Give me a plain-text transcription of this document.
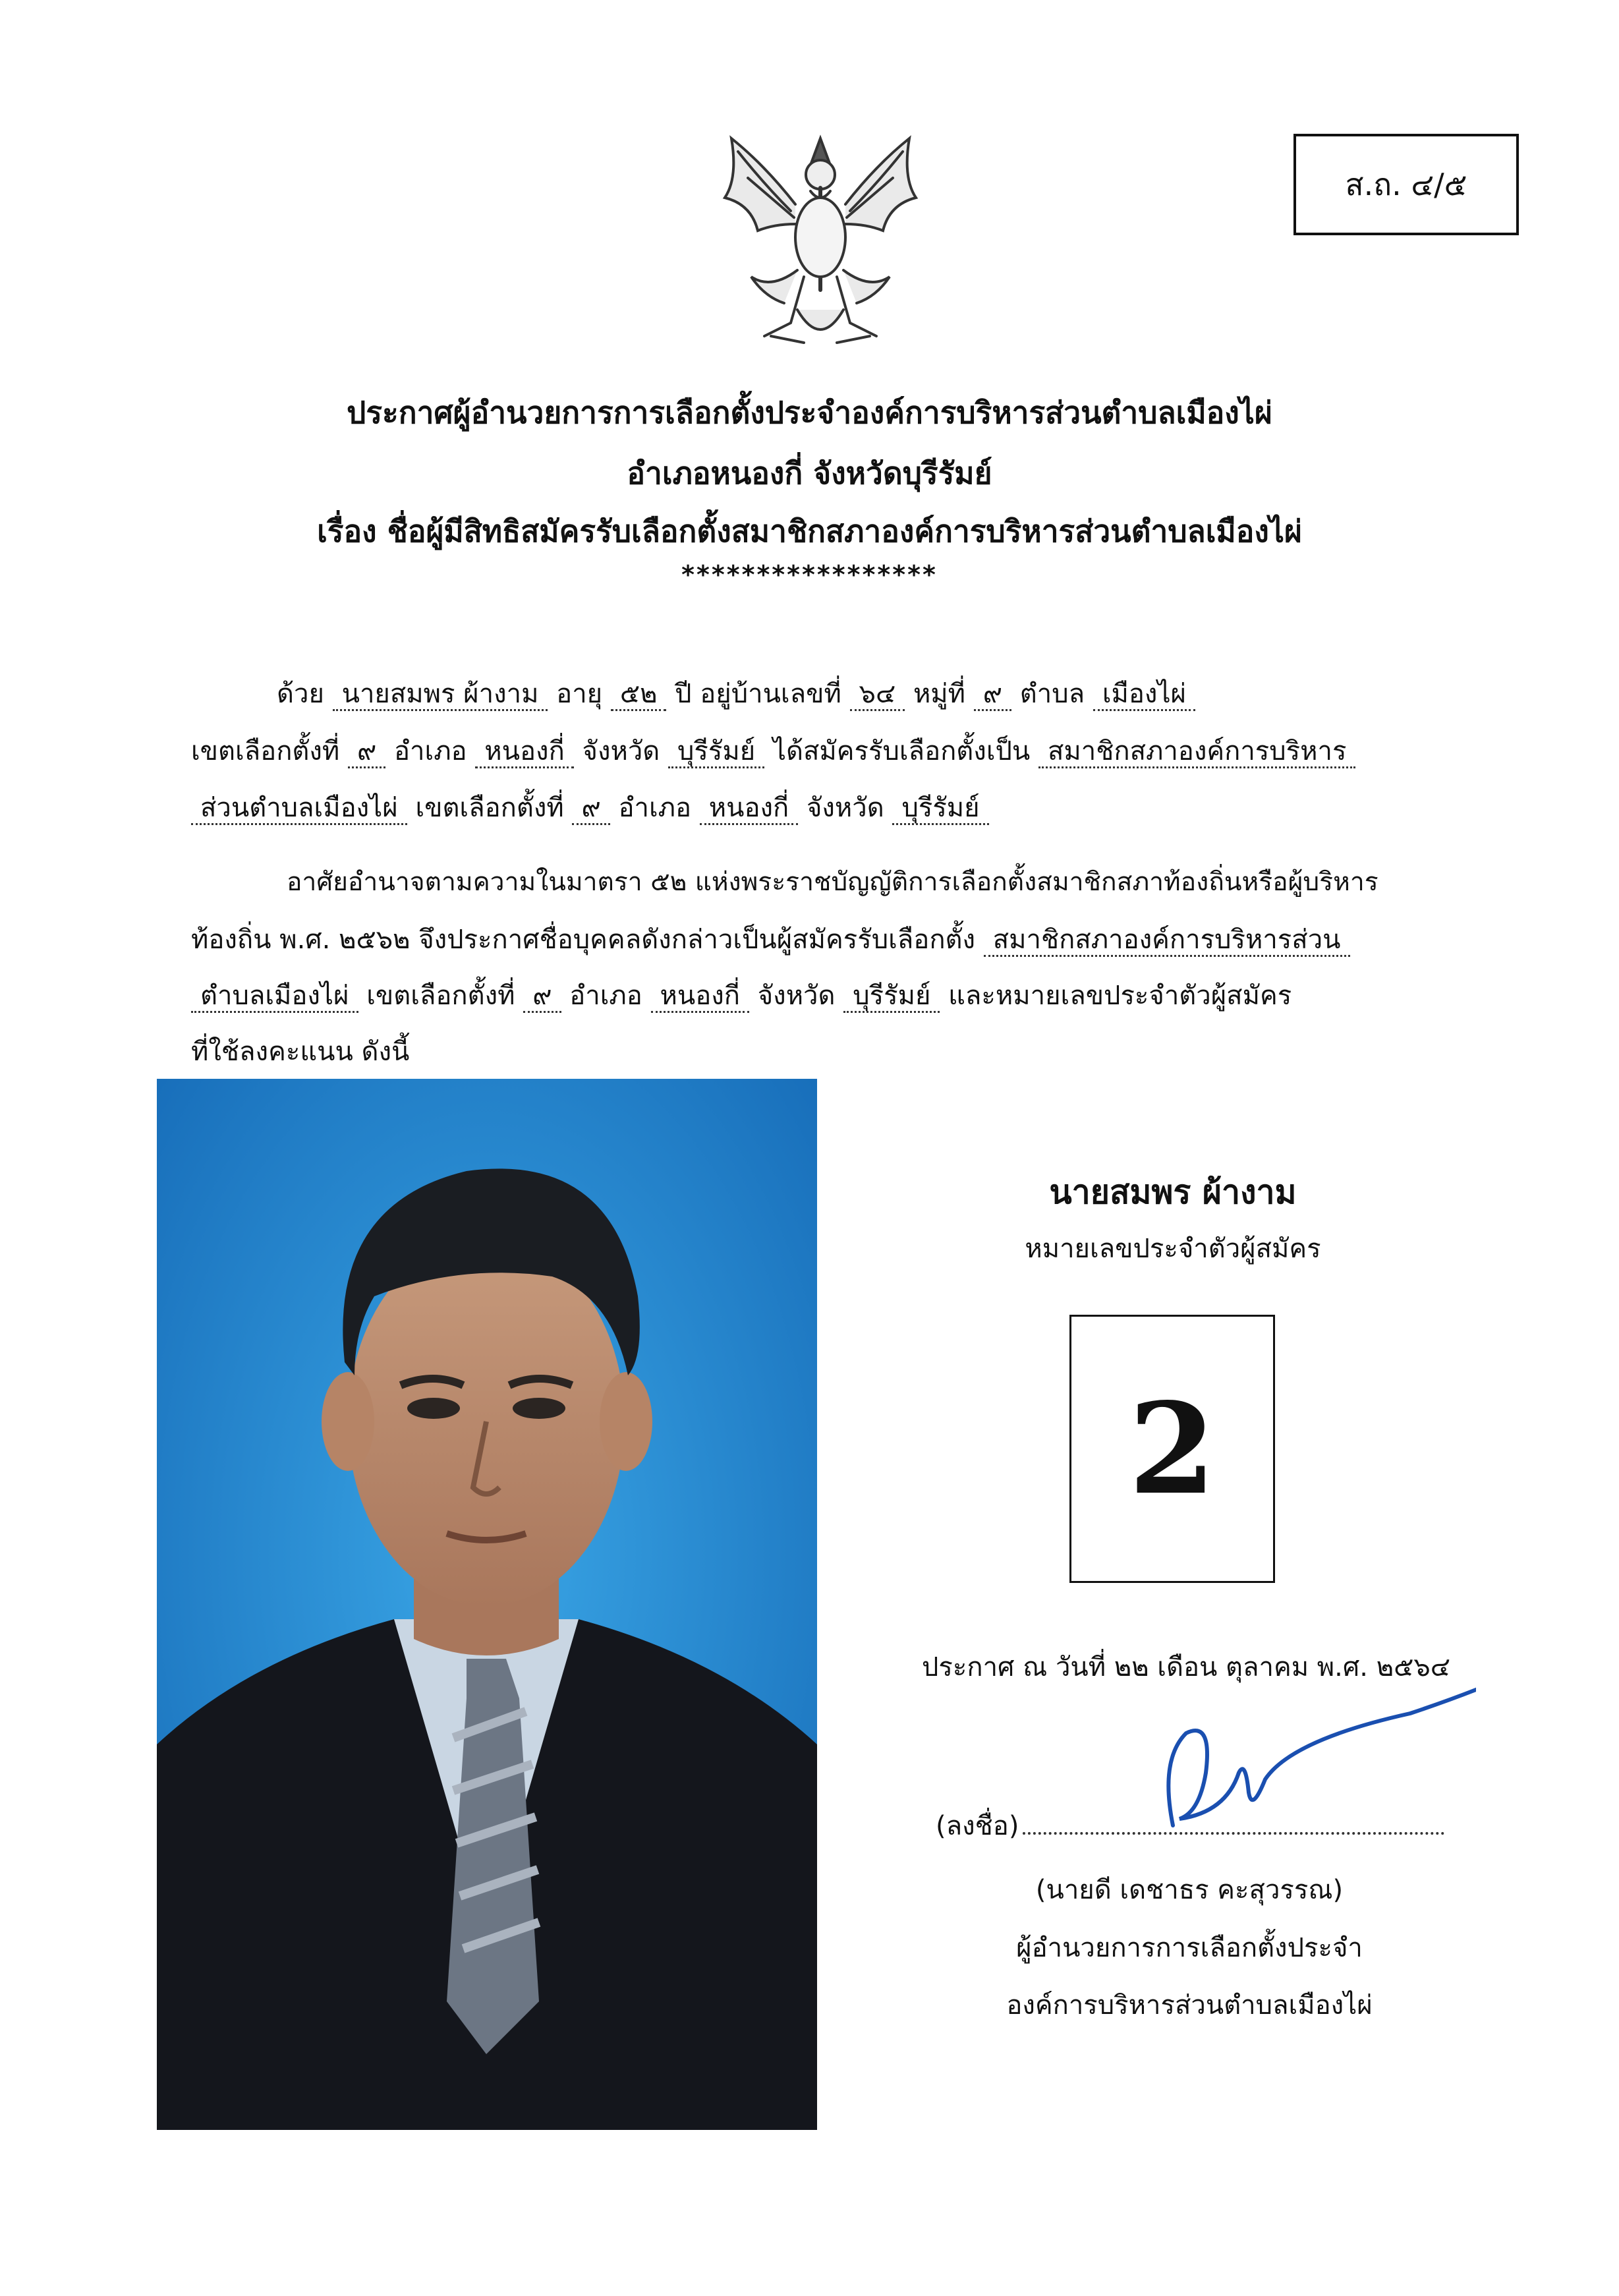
ส.ถ. ๔/๕
ประกาศผู้อำนวยการการเลือกตั้งประจำองค์การบริหารส่วนตำบลเมืองไผ่
อำเภอหนองกี่ จังหวัดบุรีรัมย์
เรื่อง ชื่อผู้มีสิทธิสมัครรับเลือกตั้งสมาชิกสภาองค์การบริหารส่วนตำบลเมืองไผ่
*****************
ด้วย นายสมพร ผ้างาม อายุ ๕๒ ปี อยู่บ้านเลขที่ ๖๔ หมู่ที่ ๙ ตำบล เมืองไผ่
เขตเลือกตั้งที่ ๙ อำเภอ หนองกี่ จังหวัด บุรีรัมย์ ได้สมัครรับเลือกตั้งเป็น สมาชิกสภาองค์การบริหาร
ส่วนตำบลเมืองไผ่ เขตเลือกตั้งที่ ๙ อำเภอ หนองกี่ จังหวัด บุรีรัมย์
อาศัยอำนาจตามความในมาตรา ๕๒ แห่งพระราชบัญญัติการเลือกตั้งสมาชิกสภาท้องถิ่นหรือผู้บริหาร
ท้องถิ่น พ.ศ. ๒๕๖๒ จึงประกาศชื่อบุคคลดังกล่าวเป็นผู้สมัครรับเลือกตั้ง สมาชิกสภาองค์การบริหารส่วน
ตำบลเมืองไผ่ เขตเลือกตั้งที่ ๙ อำเภอ หนองกี่ จังหวัด บุรีรัมย์ และหมายเลขประจำตัวผู้สมัคร
ที่ใช้ลงคะแนน ดังนี้
นายสมพร ผ้างาม
หมายเลขประจำตัวผู้สมัคร
2
ประกาศ ณ วันที่ ๒๒ เดือน ตุลาคม พ.ศ. ๒๕๖๔
(ลงชื่อ)
(นายดี เดชาธร คะสุวรรณ)
ผู้อำนวยการการเลือกตั้งประจำ
องค์การบริหารส่วนตำบลเมืองไผ่
